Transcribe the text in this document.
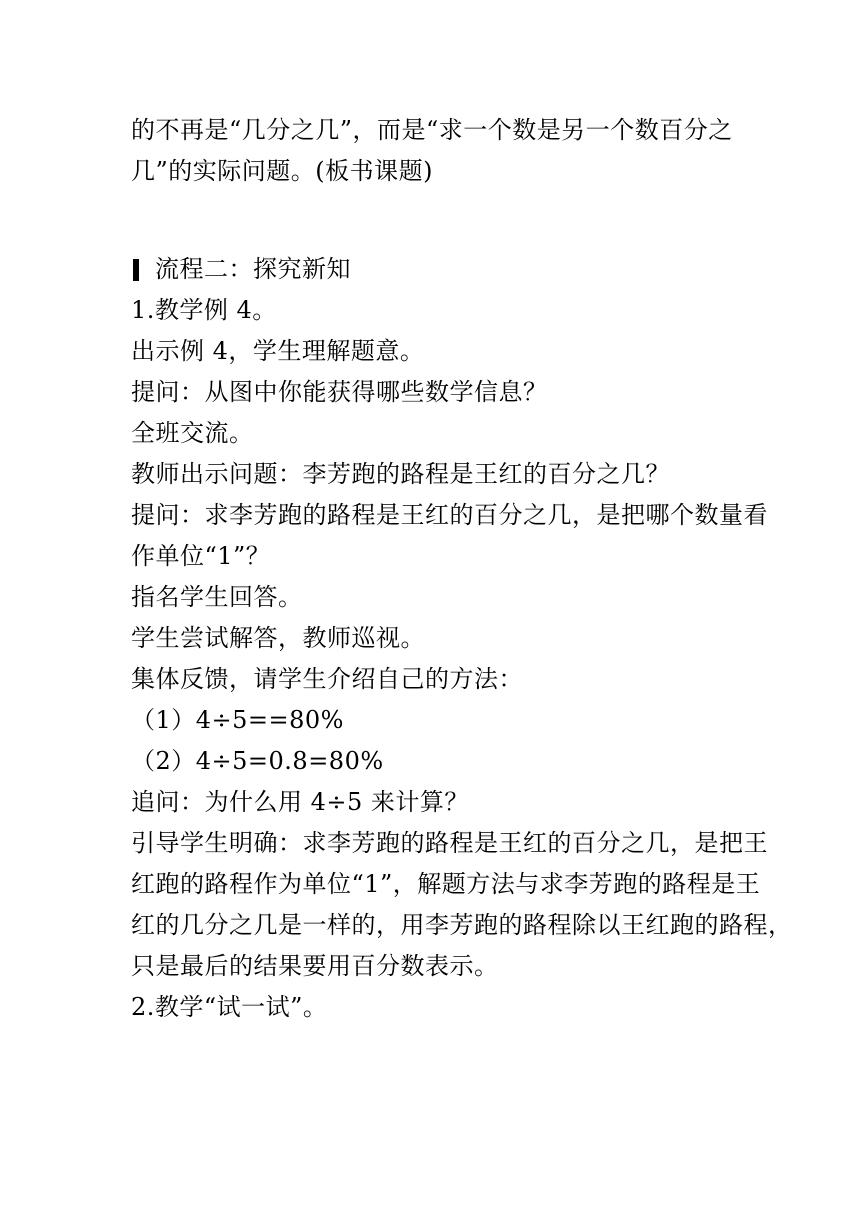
的不再是“几分之几”，而是“求一个数是另一个数百分之
几”的实际问题。(板书课题)
流程二：探究新知
1.教学例 4。
出示例 4，学生理解题意。
提问：从图中你能获得哪些数学信息？
全班交流。
教师出示问题：李芳跑的路程是王红的百分之几？
提问：求李芳跑的路程是王红的百分之几，是把哪个数量看
作单位“1”？
指名学生回答。
学生尝试解答，教师巡视。
集体反馈，请学生介绍自己的方法：
（1）4÷5==80%
（2）4÷5=0.8=80%
追问：为什么用 4÷5 来计算？
引导学生明确：求李芳跑的路程是王红的百分之几，是把王
红跑的路程作为单位“1”，解题方法与求李芳跑的路程是王
红的几分之几是一样的，用李芳跑的路程除以王红跑的路程，
只是最后的结果要用百分数表示。
2.教学“试一试”。
